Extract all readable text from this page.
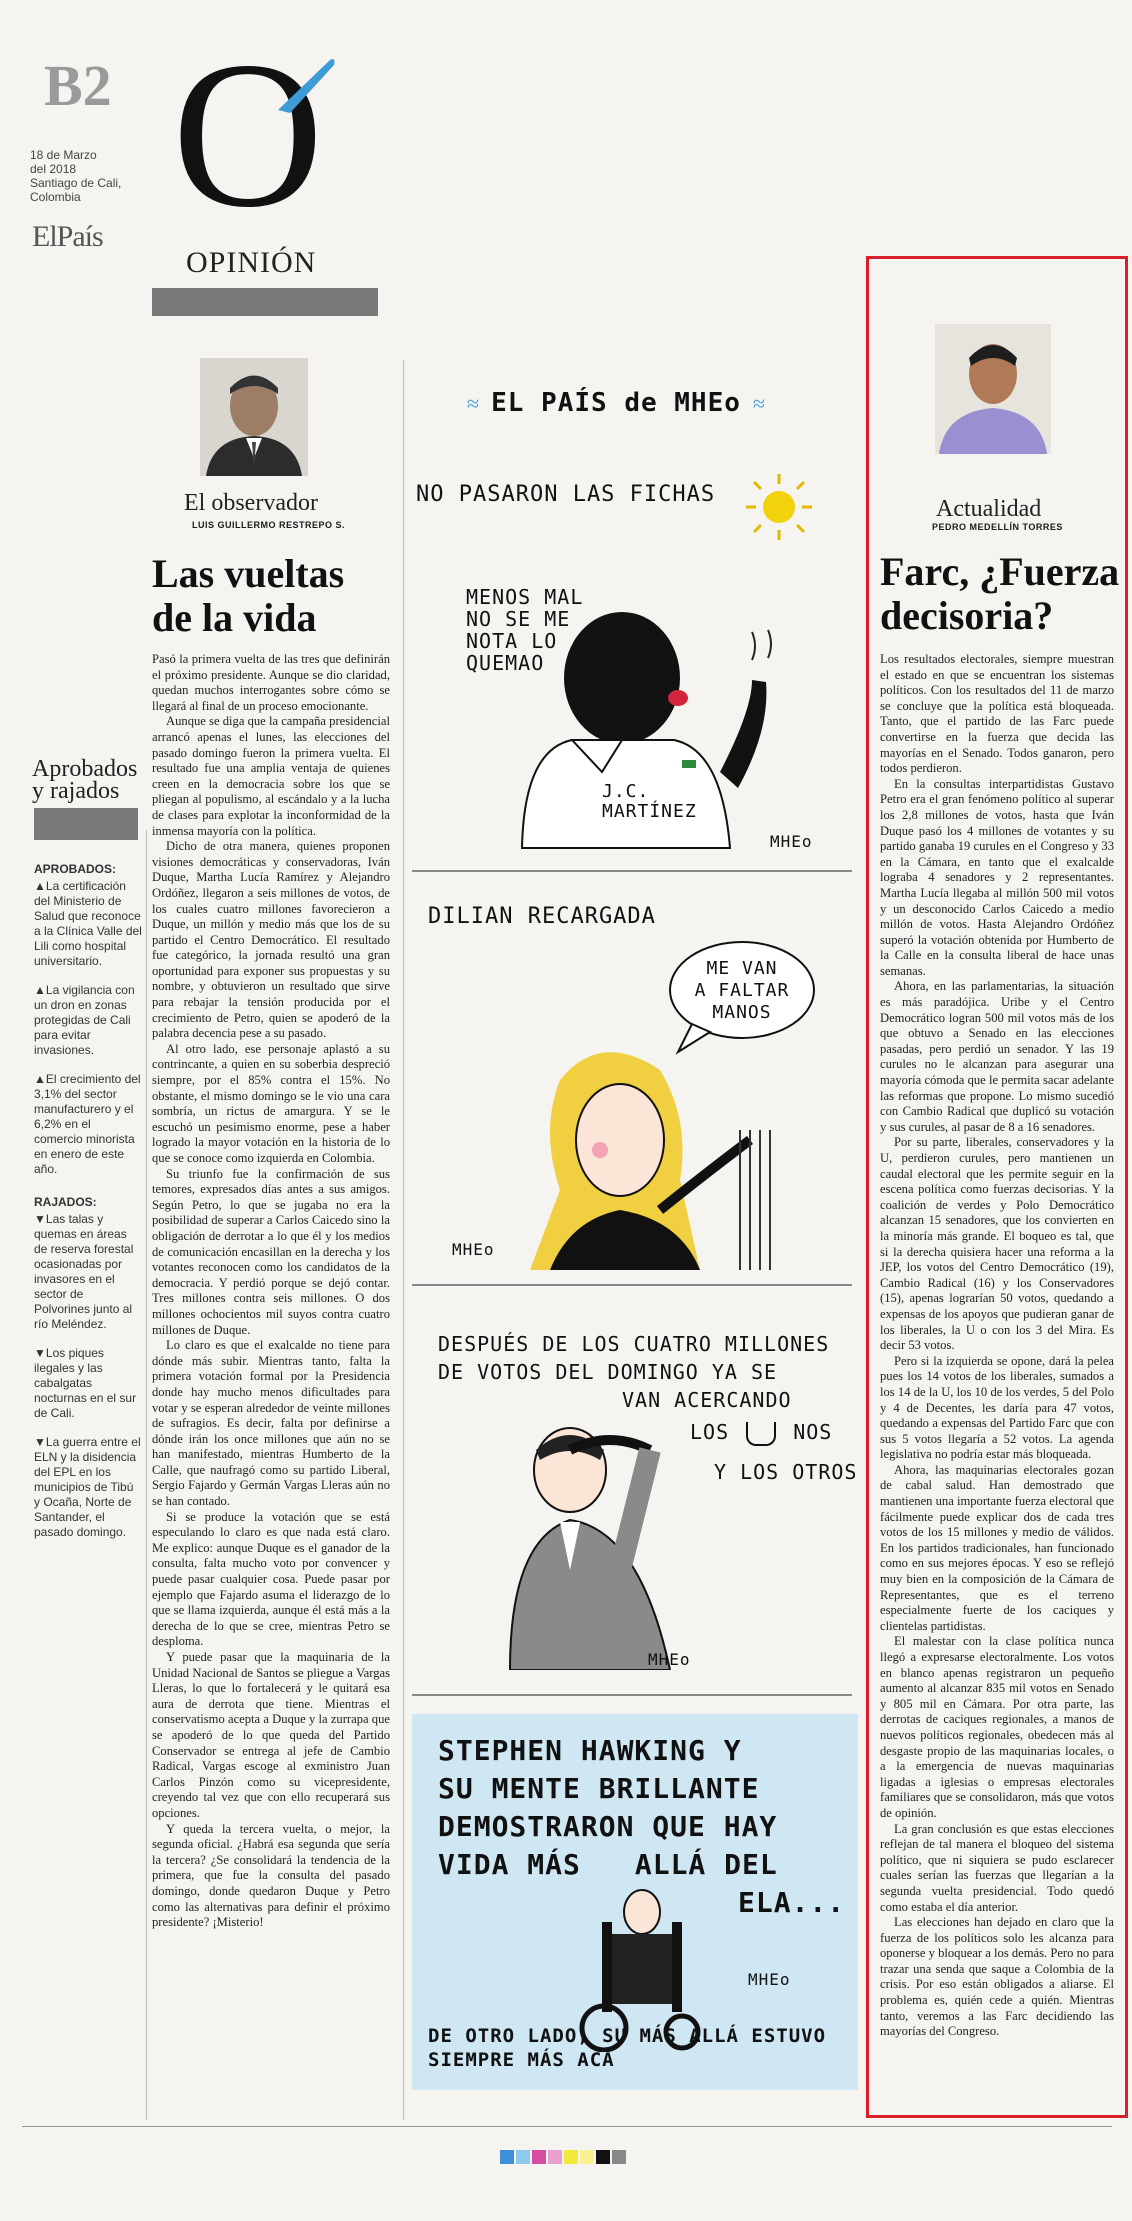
B2
18 de Marzo
del 2018
Santiago de Cali,
Colombia
ElPaís O
OPINIÓN
El observador
LUIS GUILLERMO RESTREPO S.
Las vueltas
de la vida

Pasó la primera vuelta de las tres que definirán el próximo presidente. Aunque se dio claridad, quedan muchos interrogantes sobre cómo se llegará al final de un proceso emocionante.

Aunque se diga que la campaña presidencial arrancó apenas el lunes, las elecciones del pasado domingo fueron la primera vuelta. El resultado fue una amplia ventaja de quienes creen en la democracia sobre los que se pliegan al populismo, al escándalo y a la lucha de clases para explotar la inconformidad de la inmensa mayoría con la política.

Dicho de otra manera, quienes proponen visiones democráticas y conservadoras, Iván Duque, Martha Lucía Ramírez y Alejandro Ordóñez, llegaron a seis millones de votos, de los cuales cuatro millones favorecieron a Duque, un millón y medio más que los de su partido el Centro Democrático. El resultado fue categórico, la jornada resultó una gran oportunidad para exponer sus propuestas y su nombre, y obtuvieron un resultado que sirve para rebajar la tensión producida por el crecimiento de Petro, quien se apoderó de la palabra decencia pese a su pasado.

Al otro lado, ese personaje aplastó a su contrincante, a quien en su soberbia despreció siempre, por el 85% contra el 15%. No obstante, el mismo domingo se le vio una cara sombría, un rictus de amargura. Y se le escuchó un pesimismo enorme, pese a haber logrado la mayor votación en la historia de lo que se conoce como izquierda en Colombia.

Su triunfo fue la confirmación de sus temores, expresados días antes a sus amigos. Según Petro, lo que se jugaba no era la posibilidad de superar a Carlos Caicedo sino la obligación de derrotar a lo que él y los medios de comunicación encasillan en la derecha y los votantes reconocen como los candidatos de la democracia. Y perdió porque se dejó contar. Tres millones contra seis millones. O dos millones ochocientos mil suyos contra cuatro millones de Duque.

Lo claro es que el exalcalde no tiene para dónde más subir. Mientras tanto, falta la primera votación formal por la Presidencia donde hay mucho menos dificultades para votar y se esperan alrededor de veinte millones de sufragios. Es decir, falta por definirse a dónde irán los once millones que aún no se han manifestado, mientras Humberto de la Calle, que naufragó como su partido Liberal, Sergio Fajardo y Germán Vargas Lleras aún no se han contado.

Si se produce la votación que se está especulando lo claro es que nada está claro. Me explico: aunque Duque es el ganador de la consulta, falta mucho voto por convencer y puede pasar cualquier cosa. Puede pasar por ejemplo que Fajardo asuma el liderazgo de lo que se llama izquierda, aunque él está más a la derecha de lo que se cree, mientras Petro se desploma.

Y puede pasar que la maquinaria de la Unidad Nacional de Santos se pliegue a Vargas Lleras, lo que lo fortalecerá y le quitará esa aura de derrota que tiene. Mientras el conservatismo acepta a Duque y la zurrapa que se apoderó de lo que queda del Partido Conservador se entrega al jefe de Cambio Radical, Vargas escoge al exministro Juan Carlos Pinzón como su vicepresidente, creyendo tal vez que con ello recuperará sus opciones.

Y queda la tercera vuelta, o mejor, la segunda oficial. ¿Habrá esa segunda que sería la tercera? ¿Se consolidará la tendencia de la primera, que fue la consulta del pasado domingo, donde quedaron Duque y Petro como las alternativas para definir el próximo presidente? ¡Misterio!

Aprobados
y rajados
APROBADOS:

▲La certificación del Ministerio de Salud que reconoce a la Clínica Valle del Lili como hospital universitario.

▲La vigilancia con un dron en zonas protegidas de Cali para evitar invasiones.

▲El crecimiento del 3,1% del sector manufacturero y el 6,2% en el comercio minorista en enero de este año.

RAJADOS:

▼Las talas y quemas en áreas de reserva forestal ocasionadas por invasores en el sector de Polvorines junto al río Meléndez.

▼Los piques ilegales y las cabalgatas nocturnas en el sur de Cali.

▼La guerra entre el ELN y la disidencia del EPL en los municipios de Tibú y Ocaña, Norte de Santander, el pasado domingo.

≈ EL PAÍS de MHEo ≈
NO PASARON LAS FICHAS
MENOS MAL
NO SE ME
NOTA LO
QUEMAO
J.C.
MARTÍNEZ
MHEo
DILIAN RECARGADA
ME VAN
A FALTAR
MANOS
MHEo
DESPUÉS DE LOS CUATRO MILLONES
DE VOTOS DEL DOMINGO YA SE
VAN ACERCANDO
LOS	NOS
Y LOS OTROS
MHEo
STEPHEN HAWKING Y
SU MENTE BRILLANTE
DEMOSTRARON QUE HAY
VIDA MÁS ALLÁ DEL
ELA...
MHEo
DE OTRO LADO, SU MÁS ALLÁ ESTUVO
SIEMPRE MÁS ACÁ
Actualidad
PEDRO MEDELLÍN TORRES
Farc, ¿Fuerza
decisoria?

Los resultados electorales, siempre muestran el estado en que se encuentran los sistemas políticos. Con los resultados del 11 de marzo se concluye que la política está bloqueada. Tanto, que el partido de las Farc puede convertirse en la fuerza que decida las mayorías en el Senado. Todos ganaron, pero todos perdieron.

En la consultas interpartidistas Gustavo Petro era el gran fenómeno político al superar los 2,8 millones de votos, hasta que Iván Duque pasó los 4 millones de votantes y su partido ganaba 19 curules en el Congreso y 33 en la Cámara, en tanto que el exalcalde lograba 4 senadores y 2 representantes. Martha Lucía llegaba al millón 500 mil votos y un desconocido Carlos Caicedo a medio millón de votos. Hasta Alejandro Ordóñez superó la votación obtenida por Humberto de la Calle en la consulta liberal de hace unas semanas.

Ahora, en las parlamentarias, la situación es más paradójica. Uribe y el Centro Democrático logran 500 mil votos más de los que obtuvo a Senado en las elecciones pasadas, pero perdió un senador. Y las 19 curules no le alcanzan para asegurar una mayoría cómoda que le permita sacar adelante las reformas que propone. Lo mismo sucedió con Cambio Radical que duplicó su votación y sus curules, al pasar de 8 a 16 senadores.

Por su parte, liberales, conservadores y la U, perdieron curules, pero mantienen un caudal electoral que les permite seguir en la escena política como fuerzas decisorias. Y la coalición de verdes y Polo Democrático alcanzan 15 senadores, que los convierten en la minoría más grande. El boqueo es tal, que si la derecha quisiera hacer una reforma a la JEP, los votos del Centro Democrático (19), Cambio Radical (16) y los Conservadores (15), apenas lograrían 50 votos, quedando a expensas de los apoyos que pudieran ganar de los liberales, la U o con los 3 del Mira. Es decir 53 votos.

Pero si la izquierda se opone, dará la pelea pues los 14 votos de los liberales, sumados a los 14 de la U, los 10 de los verdes, 5 del Polo y 4 de Decentes, les daría para 47 votos, quedando a expensas del Partido Farc que con sus 5 votos llegaría a 52 votos. La agenda legislativa no podría estar más bloqueada.

Ahora, las maquinarias electorales gozan de cabal salud. Han demostrado que mantienen una importante fuerza electoral que fácilmente puede explicar dos de cada tres votos de los 15 millones y medio de válidos. En los partidos tradicionales, han funcionado como en sus mejores épocas. Y eso se reflejó muy bien en la composición de la Cámara de Representantes, que es el terreno especialmente fuerte de los caciques y clientelas partidistas.

El malestar con la clase política nunca llegó a expresarse electoralmente. Los votos en blanco apenas registraron un pequeño aumento al alcanzar 835 mil votos en Senado y 805 mil en Cámara. Por otra parte, las derrotas de caciques regionales, a manos de nuevos políticos regionales, obedecen más al desgaste propio de las maquinarias locales, o a la emergencia de nuevas maquinarias ligadas a iglesias o empresas electorales familiares que se consolidaron, más que votos de opinión.

La gran conclusión es que estas elecciones reflejan de tal manera el bloqueo del sistema político, que ni siquiera se pudo esclarecer cuales serían las fuerzas que llegarían a la segunda vuelta presidencial. Todo quedó como estaba el día anterior.

Las elecciones han dejado en claro que la fuerza de los políticos solo les alcanza para oponerse y bloquear a los demás. Pero no para trazar una senda que saque a Colombia de la crisis. Por eso están obligados a aliarse. El problema es, quién cede a quién. Mientras tanto, veremos a las Farc decidiendo las mayorías del Congreso.
